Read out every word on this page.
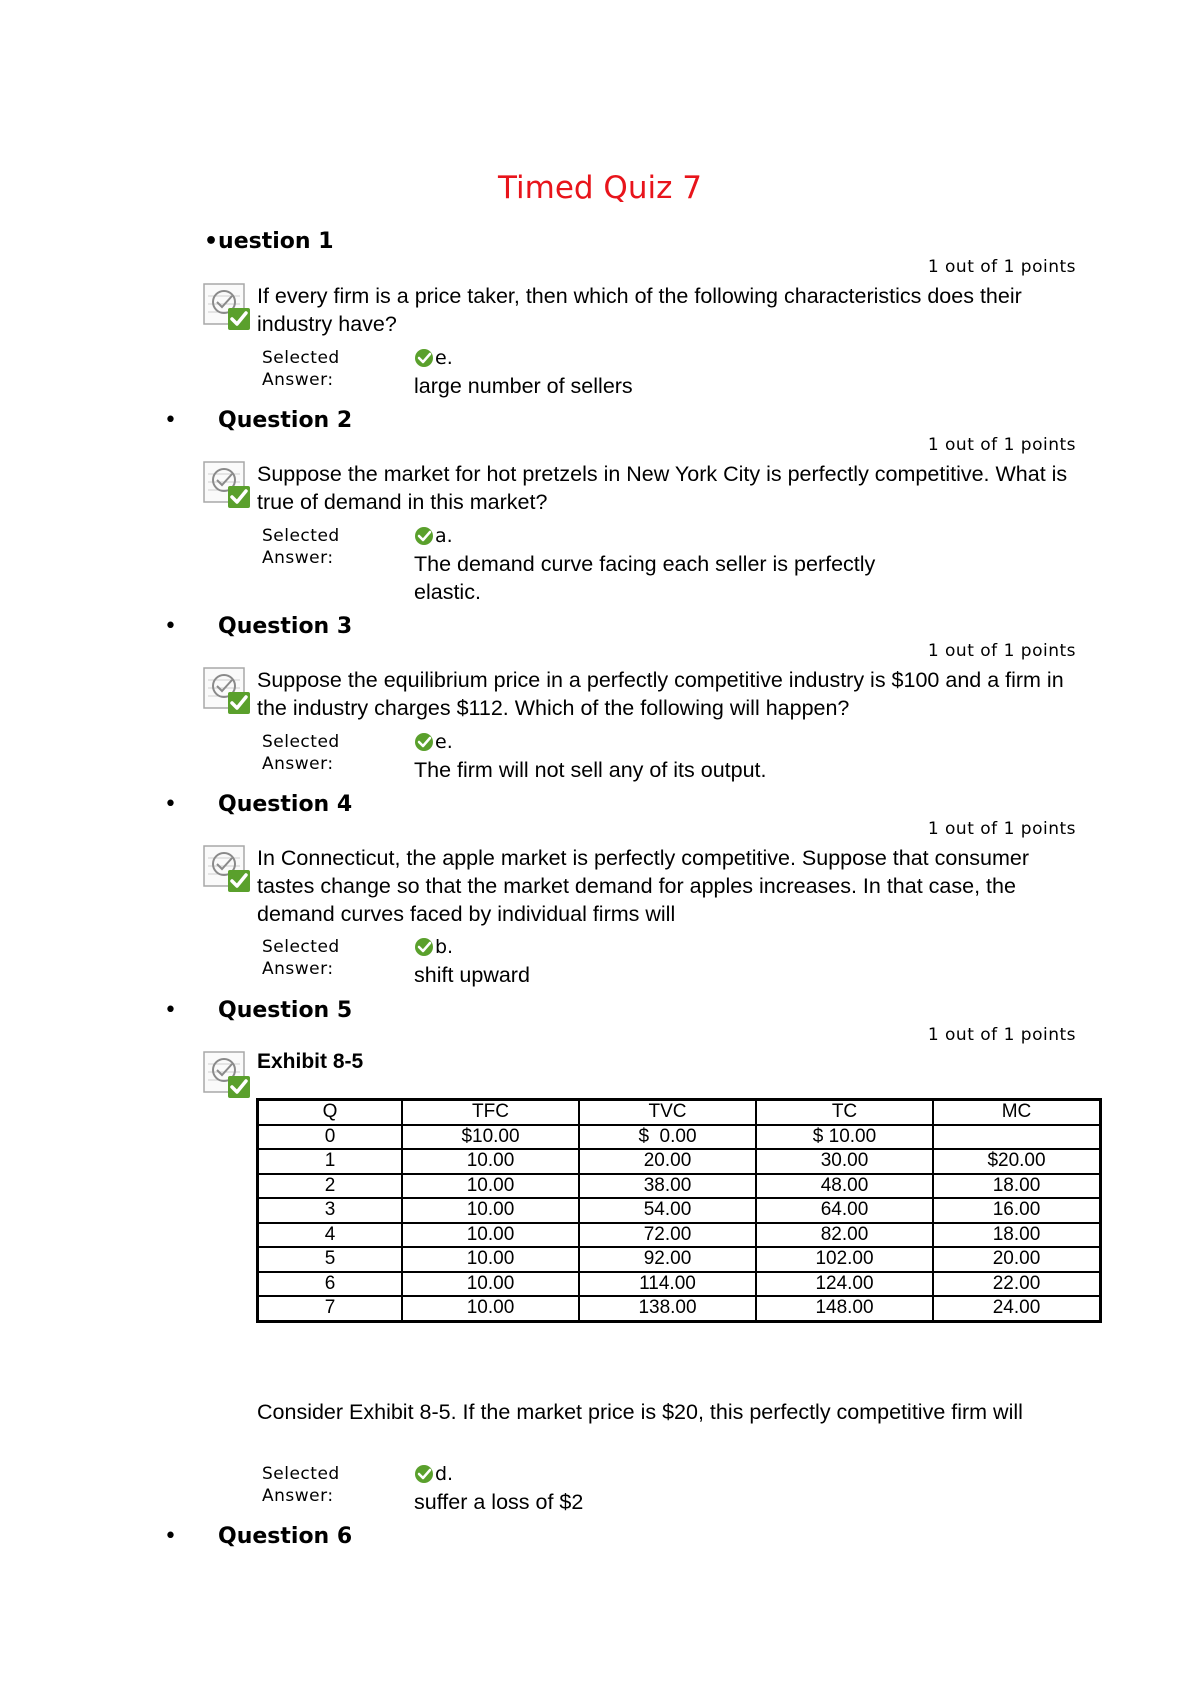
Timed Quiz 7
•uestion 1
1 out of 1 points
If every firm is a price taker, then which of the following characteristics does their industry have?
Selected
Answer:
e.
large number of sellers
• Question 2
1 out of 1 points
Suppose the market for hot pretzels in New York City is perfectly competitive. What is true of demand in this market?
Selected
Answer:
a.
The demand curve facing each seller is perfectly elastic.
• Question 3
1 out of 1 points
Suppose the equilibrium price in a perfectly competitive industry is $100 and a firm in the industry charges $112. Which of the following will happen?
Selected
Answer:
e.
The firm will not sell any of its output.
• Question 4
1 out of 1 points
In Connecticut, the apple market is perfectly competitive. Suppose that consumer tastes change so that the market demand for apples increases. In that case, the demand curves faced by individual firms will
Selected
Answer:
b.
shift upward
• Question 5
1 out of 1 points
Exhibit 8-5
Q	TFC	TVC	TC	MC
0	$10.00	$  0.00	$ 10.00	
1	10.00	20.00	30.00	$20.00
2	10.00	38.00	48.00	18.00
3	10.00	54.00	64.00	16.00
4	10.00	72.00	82.00	18.00
5	10.00	92.00	102.00	20.00
6	10.00	114.00	124.00	22.00
7	10.00	138.00	148.00	24.00
Consider Exhibit 8-5. If the market price is $20, this perfectly competitive firm will
Selected
Answer:
d.
suffer a loss of $2
• Question 6
